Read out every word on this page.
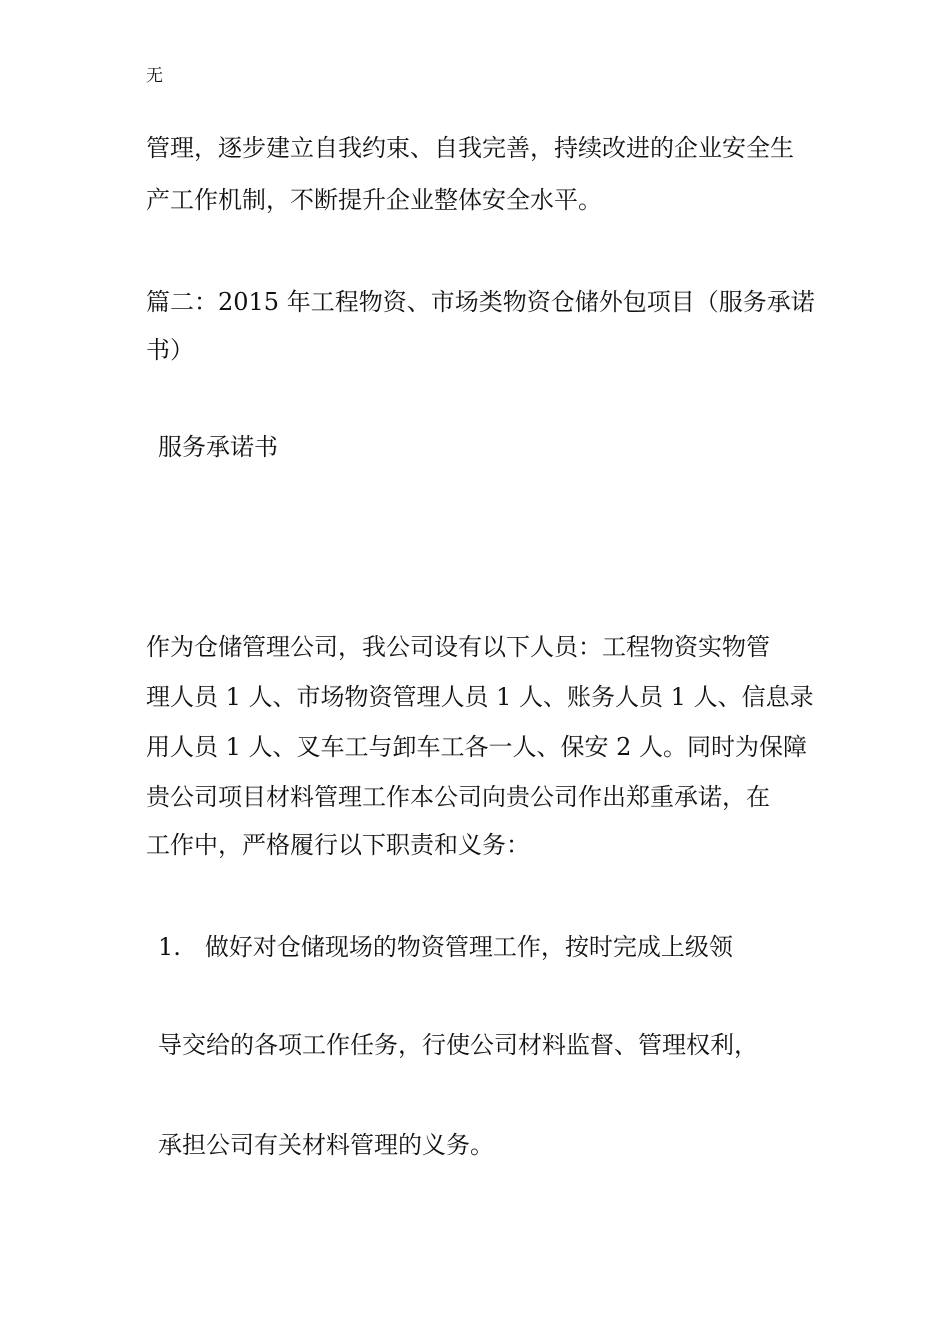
无
管理，逐步建立自我约束、自我完善，持续改进的企业安全生
产工作机制，不断提升企业整体安全水平。
篇二：2015 年工程物资、市场类物资仓储外包项目（服务承诺
书）
服务承诺书
作为仓储管理公司，我公司设有以下人员：工程物资实物管
理人员 1 人、市场物资管理人员 1 人、账务人员 1 人、信息录
用人员 1 人、叉车工与卸车工各一人、保安 2 人。同时为保障
贵公司项目材料管理工作本公司向贵公司作出郑重承诺，在
工作中，严格履行以下职责和义务：
1.　做好对仓储现场的物资管理工作，按时完成上级领
导交给的各项工作任务，行使公司材料监督、管理权利，
承担公司有关材料管理的义务。
